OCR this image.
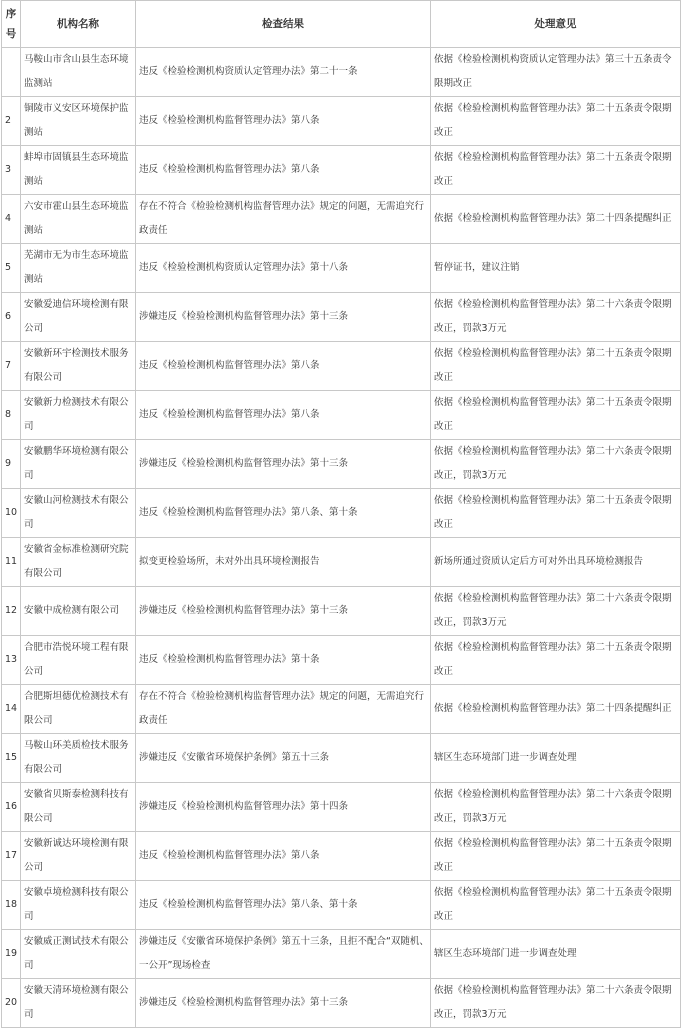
序号	机构名称	检查结果	处理意见
	马鞍山市含山县生态环境监测站	违反《检验检测机构资质认定管理办法》第二十一条	依据《检验检测机构资质认定管理办法》第三十五条责令限期改正
2	铜陵市义安区环境保护监测站	违反《检验检测机构监督管理办法》第八条	依据《检验检测机构监督管理办法》第二十五条责令限期改正
3	蚌埠市固镇县生态环境监测站	违反《检验检测机构监督管理办法》第八条	依据《检验检测机构监督管理办法》第二十五条责令限期改正
4	六安市霍山县生态环境监测站	存在不符合《检验检测机构监督管理办法》规定的问题，无需追究行政责任	依据《检验检测机构监督管理办法》第二十四条提醒纠正
5	芜湖市无为市生态环境监测站	违反《检验检测机构资质认定管理办法》第十八条	暂停证书，建议注销
6	安徽爱迪信环境检测有限公司	涉嫌违反《检验检测机构监督管理办法》第十三条	依据《检验检测机构监督管理办法》第二十六条责令限期改正，罚款3万元
7	安徽新环宇检测技术服务有限公司	违反《检验检测机构监督管理办法》第八条	依据《检验检测机构监督管理办法》第二十五条责令限期改正
8	安徽新力检测技术有限公司	违反《检验检测机构监督管理办法》第八条	依据《检验检测机构监督管理办法》第二十五条责令限期改正
9	安徽鹏华环境检测有限公司	涉嫌违反《检验检测机构监督管理办法》第十三条	依据《检验检测机构监督管理办法》第二十六条责令限期改正，罚款3万元
10	安徽山河检测技术有限公司	违反《检验检测机构监督管理办法》第八条、第十条	依据《检验检测机构监督管理办法》第二十五条责令限期改正
11	安徽省金标准检测研究院有限公司	拟变更检验场所，未对外出具环境检测报告	新场所通过资质认定后方可对外出具环境检测报告
12	安徽中成检测有限公司	涉嫌违反《检验检测机构监督管理办法》第十三条	依据《检验检测机构监督管理办法》第二十六条责令限期改正，罚款3万元
13	合肥市浩悦环境工程有限公司	违反《检验检测机构监督管理办法》第十条	依据《检验检测机构监督管理办法》第二十五条责令限期改正
14	合肥斯坦德优检测技术有限公司	存在不符合《检验检测机构监督管理办法》规定的问题，无需追究行政责任	依据《检验检测机构监督管理办法》第二十四条提醒纠正
15	马鞍山环美质检技术服务有限公司	涉嫌违反《安徽省环境保护条例》第五十三条	辖区生态环境部门进一步调查处理
16	安徽省贝斯泰检测科技有限公司	涉嫌违反《检验检测机构监督管理办法》第十四条	依据《检验检测机构监督管理办法》第二十六条责令限期改正，罚款3万元
17	安徽新诚达环境检测有限公司	违反《检验检测机构监督管理办法》第八条	依据《检验检测机构监督管理办法》第二十五条责令限期改正
18	安徽卓境检测科技有限公司	违反《检验检测机构监督管理办法》第八条、第十条	依据《检验检测机构监督管理办法》第二十五条责令限期改正
19	安徽威正测试技术有限公司	涉嫌违反《安徽省环境保护条例》第五十三条，且拒不配合“双随机、一公开”现场检查	辖区生态环境部门进一步调查处理
20	安徽天清环境检测有限公司	涉嫌违反《检验检测机构监督管理办法》第十三条	依据《检验检测机构监督管理办法》第二十六条责令限期改正，罚款3万元
